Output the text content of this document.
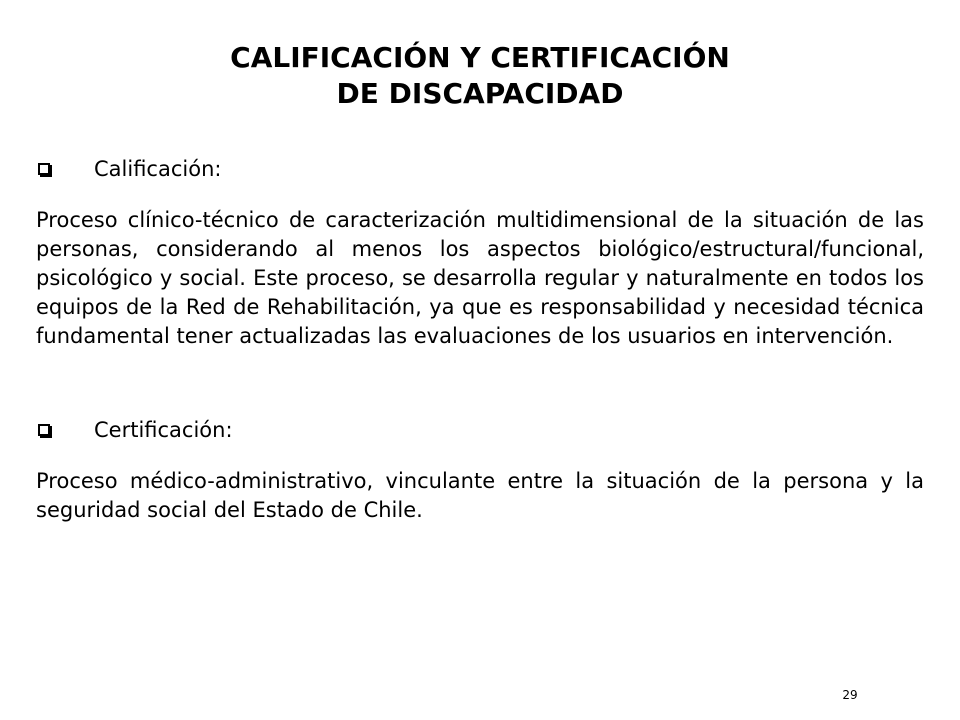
CALIFICACIÓN Y CERTIFICACIÓN
DE DISCAPACIDAD
Calificación:

Proceso clínico-técnico de caracterización multidimensional de la situación de las personas, considerando al menos los aspectos biológico/estructural/funcional, psicológico y social. Este proceso, se desarrolla regular y naturalmente en todos los equipos de la Red de Rehabilitación, ya que es responsabilidad y necesidad técnica fundamental tener actualizadas las evaluaciones de los usuarios en intervención.

Certificación:

Proceso médico-administrativo, vinculante entre la situación de la persona y la seguridad social del Estado de Chile.

29
